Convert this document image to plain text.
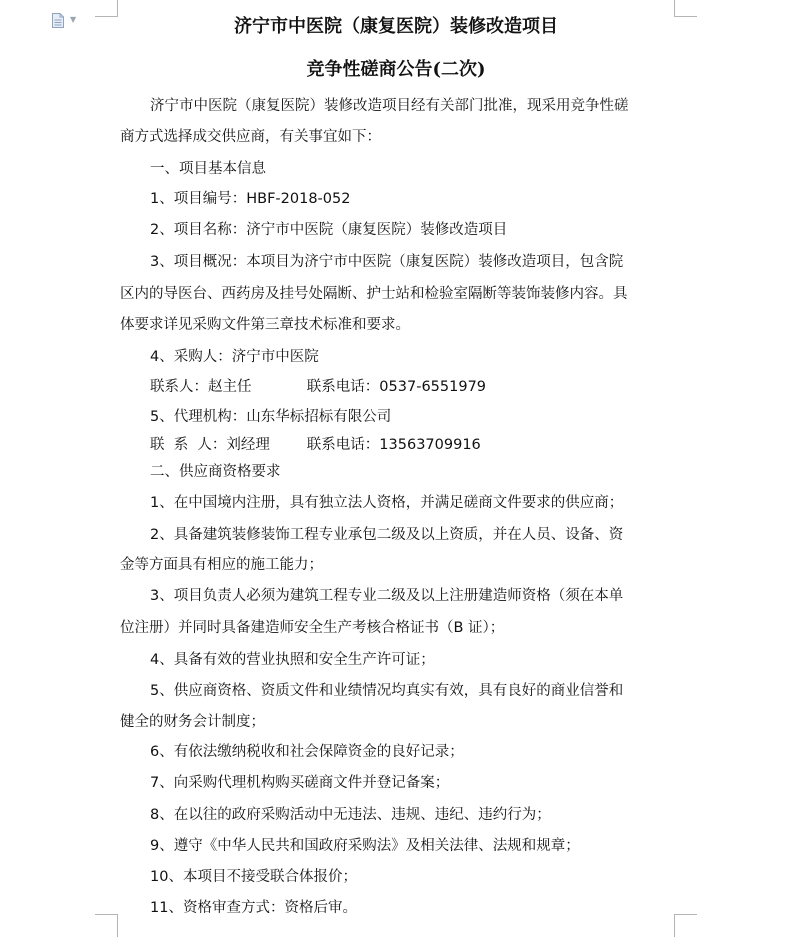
▼	济宁市中医院（康复医院）装修改造项目
竞争性磋商公告(二次)
济宁市中医院（康复医院）装修改造项目经有关部门批准，现采用竞争性磋
商方式选择成交供应商，有关事宜如下：
一、项目基本信息
1、项目编号：HBF-2018-052
2、项目名称：济宁市中医院（康复医院）装修改造项目
3、项目概况：本项目为济宁市中医院（康复医院）装修改造项目，包含院
区内的导医台、西药房及挂号处隔断、护士站和检验室隔断等装饰装修内容。具
体要求详见采购文件第三章技术标准和要求。
4、采购人：济宁市中医院
联系人：赵主任            联系电话：0537-6551979
5、代理机构：山东华标招标有限公司
联  系  人：刘经理        联系电话：13563709916
二、供应商资格要求
1、在中国境内注册，具有独立法人资格，并满足磋商文件要求的供应商；
2、具备建筑装修装饰工程专业承包二级及以上资质，并在人员、设备、资
金等方面具有相应的施工能力；
3、项目负责人必须为建筑工程专业二级及以上注册建造师资格（须在本单
位注册）并同时具备建造师安全生产考核合格证书（B 证）；
4、具备有效的营业执照和安全生产许可证；
5、供应商资格、资质文件和业绩情况均真实有效，具有良好的商业信誉和
健全的财务会计制度；
6、有依法缴纳税收和社会保障资金的良好记录；
7、向采购代理机构购买磋商文件并登记备案；
8、在以往的政府采购活动中无违法、违规、违纪、违约行为；
9、遵守《中华人民共和国政府采购法》及相关法律、法规和规章；
10、本项目不接受联合体报价；
11、资格审查方式：资格后审。
